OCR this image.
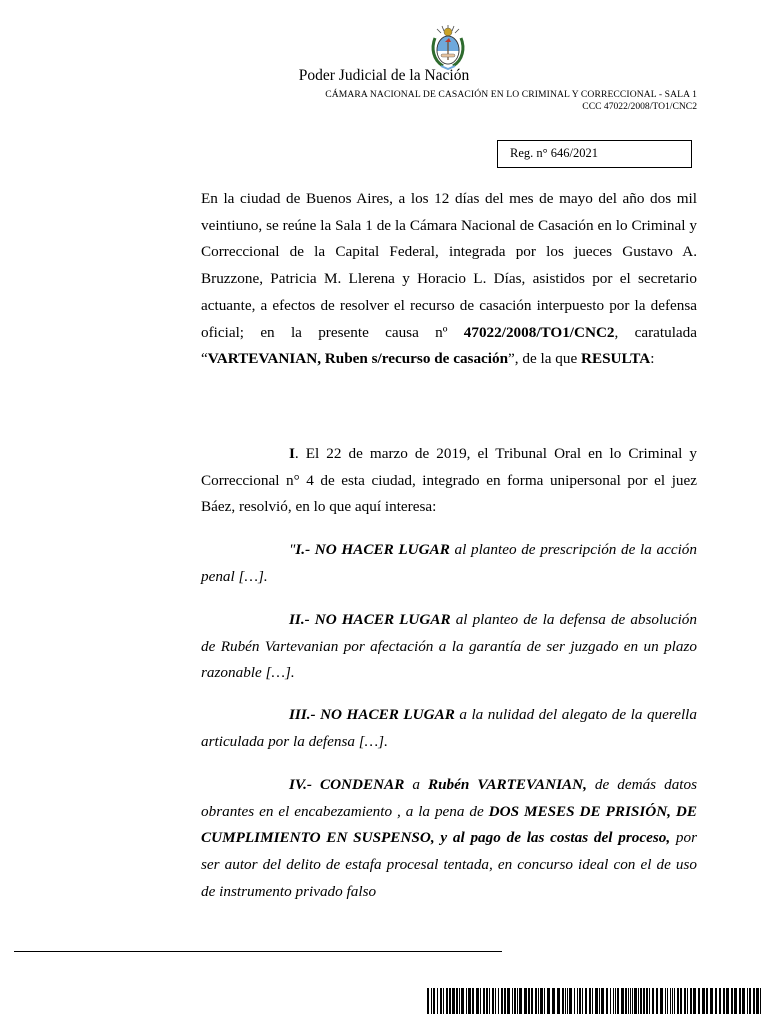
Poder Judicial de la Nación
CÁMARA NACIONAL DE CASACIÓN EN LO CRIMINAL Y CORRECCIONAL - SALA 1
CCC 47022/2008/TO1/CNC2
Reg. n° 646/2021
En la ciudad de Buenos Aires, a los 12 días del mes de mayo del año dos mil veintiuno, se reúne la Sala 1 de la Cámara Nacional de Casación en lo Criminal y Correccional de la Capital Federal, integrada por los jueces Gustavo A. Bruzzone, Patricia M. Llerena y Horacio L. Días, asistidos por el secretario actuante, a efectos de resolver el recurso de casación interpuesto por la defensa oficial; en la presente causa nº 47022/2008/TO1/CNC2, caratulada “VARTEVANIAN, Ruben s/recurso de casación”, de la que RESULTA:
I. El 22 de marzo de 2019, el Tribunal Oral en lo Criminal y Correccional n° 4 de esta ciudad, integrado en forma unipersonal por el juez Báez, resolvió, en lo que aquí interesa:
"I.- NO HACER LUGAR al planteo de prescripción de la acción penal […].
II.- NO HACER LUGAR al planteo de la defensa de absolución de Rubén Vartevanian por afectación a la garantía de ser juzgado en un plazo razonable […].
III.- NO HACER LUGAR a la nulidad del alegato de la querella articulada por la defensa […].
IV.- CONDENAR a Rubén VARTEVANIAN, de demás datos obrantes en el encabezamiento , a la pena de DOS MESES DE PRISIÓN, DE CUMPLIMIENTO EN SUSPENSO, y al pago de las costas del proceso, por ser autor del delito de estafa procesal tentada, en concurso ideal con el de uso de instrumento privado falso
